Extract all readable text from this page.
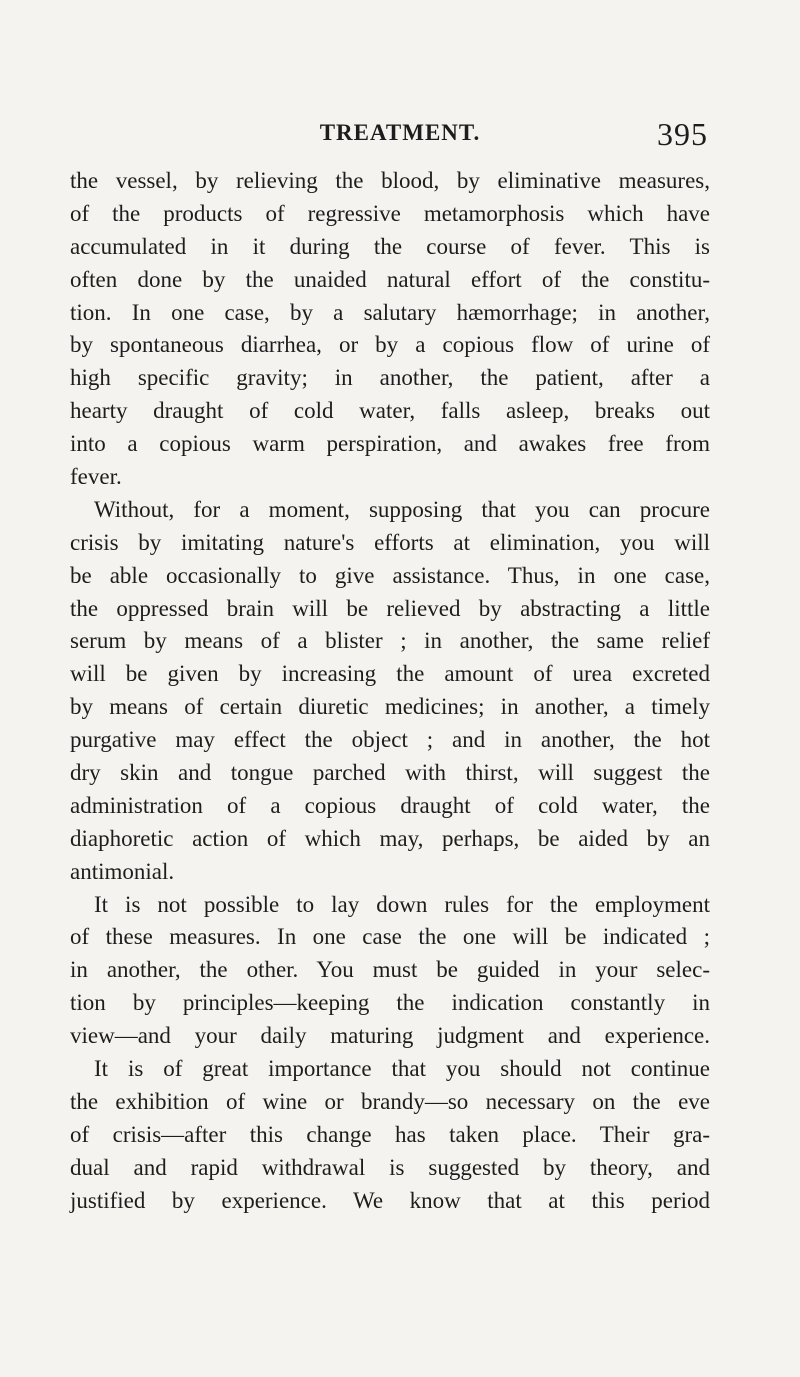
TREATMENT.	395
the vessel, by relieving the blood, by eliminative measures,
of the products of regressive metamorphosis which have
accumulated in it during the course of fever. This is
often done by the unaided natural effort of the constitu-
tion. In one case, by a salutary hæmorrhage; in another,
by spontaneous diarrhea, or by a copious flow of urine of
high specific gravity; in another, the patient, after a
hearty draught of cold water, falls asleep, breaks out
into a copious warm perspiration, and awakes free from
fever.
Without, for a moment, supposing that you can procure
crisis by imitating nature's efforts at elimination, you will
be able occasionally to give assistance. Thus, in one case,
the oppressed brain will be relieved by abstracting a little
serum by means of a blister ; in another, the same relief
will be given by increasing the amount of urea excreted
by means of certain diuretic medicines; in another, a timely
purgative may effect the object ; and in another, the hot
dry skin and tongue parched with thirst, will suggest the
administration of a copious draught of cold water, the
diaphoretic action of which may, perhaps, be aided by an
antimonial.
It is not possible to lay down rules for the employment
of these measures. In one case the one will be indicated ;
in another, the other. You must be guided in your selec-
tion by principles—keeping the indication constantly in
view—and your daily maturing judgment and experience.
It is of great importance that you should not continue
the exhibition of wine or brandy—so necessary on the eve
of crisis—after this change has taken place. Their gra-
dual and rapid withdrawal is suggested by theory, and
justified by experience. We know that at this period
